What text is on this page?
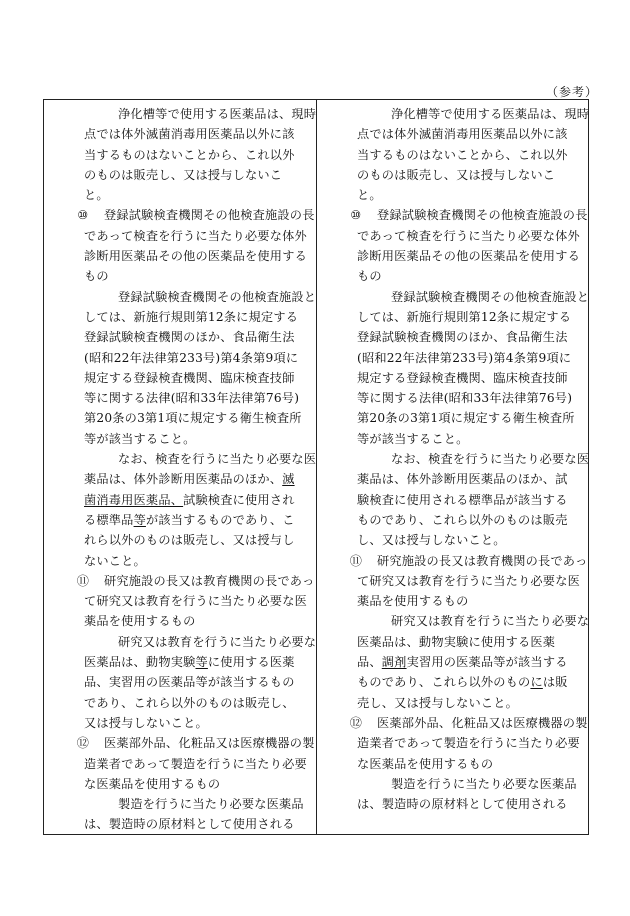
（参考）
浄化槽等で使用する医薬品は、現時
点では体外滅菌消毒用医薬品以外に該
当するものはないことから、これ以外
のものは販売し、又は授与しないこ
と。
⑩	登録試験検査機関その他検査施設の長
であって検査を行うに当たり必要な体外
診断用医薬品その他の医薬品を使用する
もの
登録試験検査機関その他検査施設と
しては、新施行規則第12条に規定する
登録試験検査機関のほか、食品衛生法
(昭和22年法律第233号)第4条第9項に
規定する登録検査機関、臨床検査技師
等に関する法律(昭和33年法律第76号)
第20条の3第1項に規定する衛生検査所
等が該当すること。
なお、検査を行うに当たり必要な医
薬品は、体外診断用医薬品のほか、滅
菌消毒用医薬品、試験検査に使用され
る標準品等が該当するものであり、こ
れら以外のものは販売し、又は授与し
ないこと。
⑪	研究施設の長又は教育機関の長であっ
て研究又は教育を行うに当たり必要な医
薬品を使用するもの
研究又は教育を行うに当たり必要な
医薬品は、動物実験等に使用する医薬
品、実習用の医薬品等が該当するもの
であり、これら以外のものは販売し、
又は授与しないこと。
⑫	医薬部外品、化粧品又は医療機器の製
造業者であって製造を行うに当たり必要
な医薬品を使用するもの
製造を行うに当たり必要な医薬品
は、製造時の原材料として使用される
浄化槽等で使用する医薬品は、現時
点では体外滅菌消毒用医薬品以外に該
当するものはないことから、これ以外
のものは販売し、又は授与しないこ
と。
⑩	登録試験検査機関その他検査施設の長
であって検査を行うに当たり必要な体外
診断用医薬品その他の医薬品を使用する
もの
登録試験検査機関その他検査施設と
しては、新施行規則第12条に規定する
登録試験検査機関のほか、食品衛生法
(昭和22年法律第233号)第4条第9項に
規定する登録検査機関、臨床検査技師
等に関する法律(昭和33年法律第76号)
第20条の3第1項に規定する衛生検査所
等が該当すること。
なお、検査を行うに当たり必要な医
薬品は、体外診断用医薬品のほか、試
験検査に使用される標準品が該当する
ものであり、これら以外のものは販売
し、又は授与しないこと。
⑪	研究施設の長又は教育機関の長であっ
て研究又は教育を行うに当たり必要な医
薬品を使用するもの
研究又は教育を行うに当たり必要な
医薬品は、動物実験に使用する医薬
品、調剤実習用の医薬品等が該当する
ものであり、これら以外のものには販
売し、又は授与しないこと。
⑫	医薬部外品、化粧品又は医療機器の製
造業者であって製造を行うに当たり必要
な医薬品を使用するもの
製造を行うに当たり必要な医薬品
は、製造時の原材料として使用される
